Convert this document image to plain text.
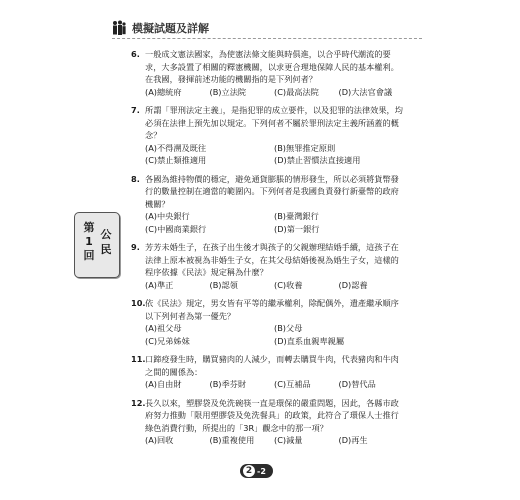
模擬試題及詳解
第
1
回
公
民
6. 一般成文憲法國家，為使憲法條文能與時俱進，以合乎時代潮流的要求，大多設置了相關的釋憲機關，以求更合理地保障人民的基本權利。在我國，發揮前述功能的機關指的是下列何者？
(A)總統府	(B)立法院	(C)最高法院	(D)大法官會議
7. 所謂「罪刑法定主義」，是指犯罪的成立要件，以及犯罪的法律效果，均必須在法律上預先加以規定。下列何者不屬於罪刑法定主義所涵蓋的概念？
(A)不得溯及既往	(B)無罪推定原則
(C)禁止類推適用	(D)禁止習慣法直接適用
8. 各國為維持物價的穩定，避免通貨膨脹的情形發生，所以必須將貨幣發行的數量控制在適當的範圍內。下列何者是我國負責發行新臺幣的政府機關？
(A)中央銀行	(B)臺灣銀行
(C)中國商業銀行	(D)第一銀行
9. 芳芳未婚生子，在孩子出生後才與孩子的父親辦理結婚手續，這孩子在法律上原本被視為非婚生子女，在其父母結婚後視為婚生子女，這樣的程序依據《民法》規定稱為什麼？
(A)準正	(B)認領	(C)收養	(D)認養
10. 依《民法》規定，男女皆有平等的繼承權利，除配偶外，遺產繼承順序以下列何者為第一優先？
(A)祖父母	(B)父母
(C)兄弟姊妹	(D)直系血親卑親屬
11. 口蹄疫發生時，購買豬肉的人減少，而轉去購買牛肉，代表豬肉和牛肉之間的關係為：
(A)自由財	(B)季芬財	(C)互補品	(D)替代品
12. 長久以來，塑膠袋及免洗碗筷一直是環保的嚴重問題，因此，各縣市政府努力推動「限用塑膠袋及免洗餐具」的政策，此符合了環保人士推行綠色消費行動，所提出的「3R」觀念中的那一項？
(A)回收	(B)重複使用	(C)減量	(D)再生
2 -2
